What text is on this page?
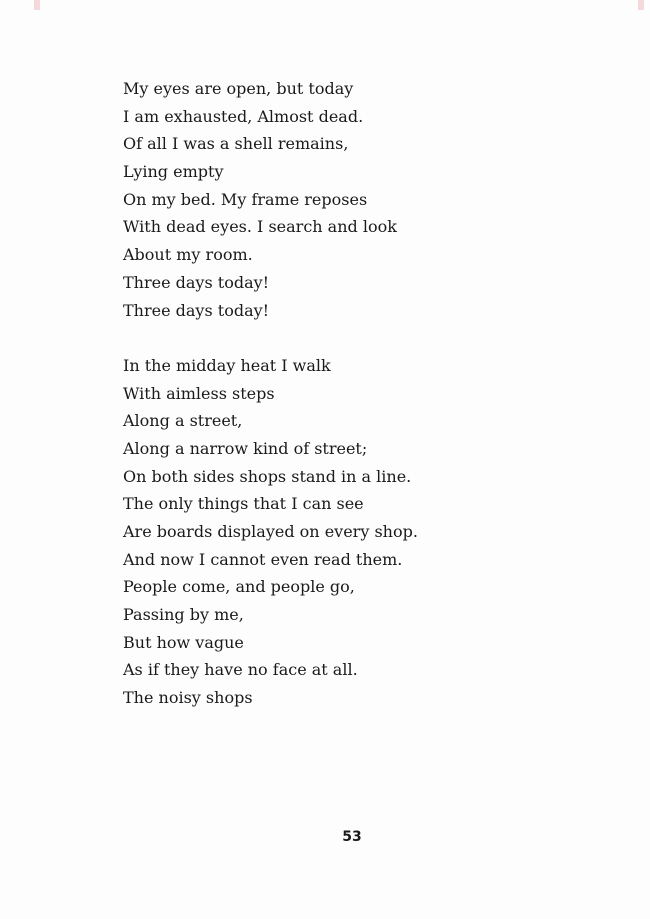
My eyes are open, but today
I am exhausted, Almost dead.
Of all I was a shell remains,
Lying empty
On my bed. My frame reposes
With dead eyes. I search and look
About my room.
Three days today!
Three days today!
In the midday heat I walk
With aimless steps
Along a street,
Along a narrow kind of street;
On both sides shops stand in a line.
The only things that I can see
Are boards displayed on every shop.
And now I cannot even read them.
People come, and people go,
Passing by me,
But how vague
As if they have no face at all.
The noisy shops
53
